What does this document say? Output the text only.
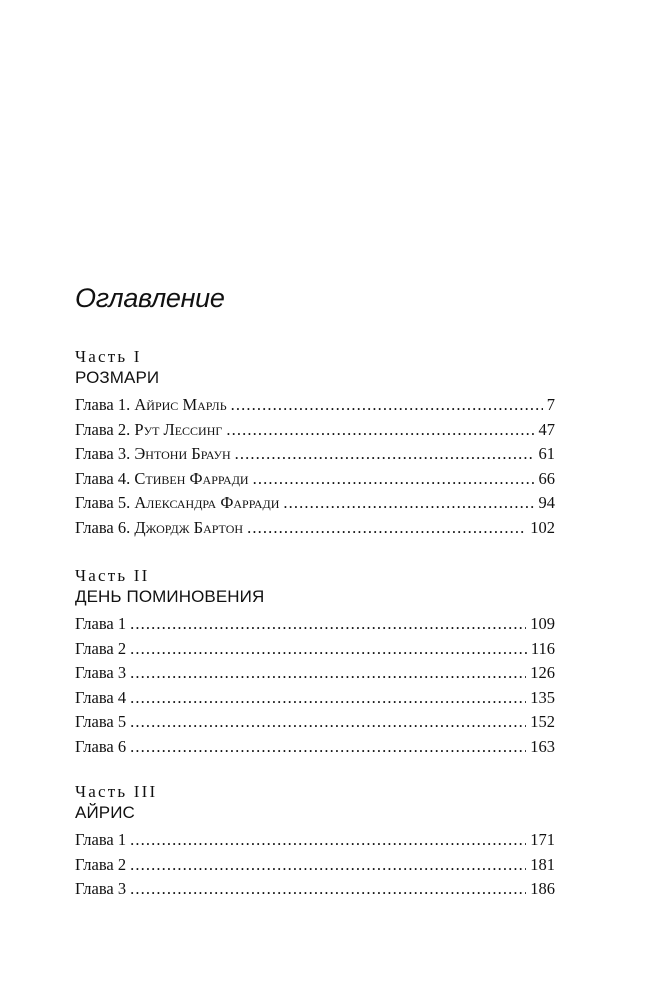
Оглавление
Часть I
РОЗМАРИ
Глава 1. Айрис Марль . . .	7
Глава 2. Рут Лессинг . . .	47
Глава 3. Энтони Браун . . .	61
Глава 4. Стивен Фарради . . .	66
Глава 5. Александра Фарради . . .	94
Глава 6. Джордж Бартон . . .	102
Часть II
ДЕНЬ ПОМИНОВЕНИЯ
Глава 1 . . .	109
Глава 2 . . .	116
Глава 3 . . .	126
Глава 4 . . .	135
Глава 5 . . .	152
Глава 6 . . .	163
Часть III
АЙРИС
Глава 1 . . .	171
Глава 2 . . .	181
Глава 3 . . .	186
